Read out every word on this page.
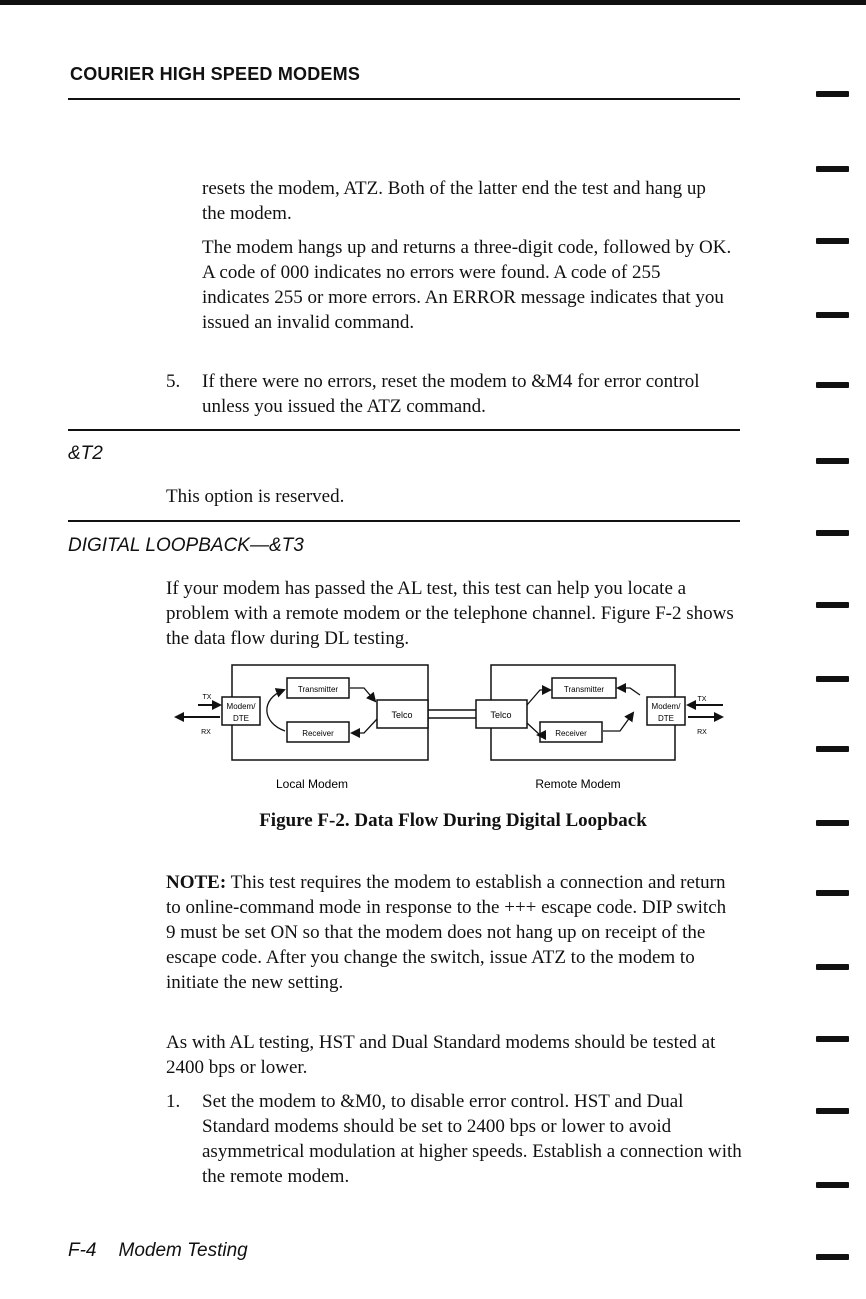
COURIER HIGH SPEED MODEMS

resets the modem, ATZ. Both of the latter end the test and hang up the modem.

The modem hangs up and returns a three-digit code, followed by OK. A code of 000 indicates no errors were found. A code of 255 indicates 255 or more errors. An ERROR message indicates that you issued an invalid command.

5. If there were no errors, reset the modem to &M4 for error control unless you issued the ATZ command.

&T2

This option is reserved.

DIGITAL LOOPBACK—&T3

If your modem has passed the AL test, this test can help you locate a problem with a remote modem or the telephone channel. Figure F-2 shows the data flow during DL testing.

Modem/
DTE
TX
RX
Transmitter
Receiver
Telco	Telco
Transmitter
Receiver
Modem/
DTE
TX
RX
Local Modem	Remote Modem
Figure F-2. Data Flow During Digital Loopback

NOTE: This test requires the modem to establish a connection and return to online-command mode in response to the +++ escape code. DIP switch 9 must be set ON so that the modem does not hang up on receipt of the escape code. After you change the switch, issue ATZ to the modem to initiate the new setting.

As with AL testing, HST and Dual Standard modems should be tested at 2400 bps or lower.

1. Set the modem to &M0, to disable error control. HST and Dual Standard modems should be set to 2400 bps or lower to avoid asymmetrical modulation at higher speeds. Establish a connection with the remote modem.

F-4 Modem Testing
